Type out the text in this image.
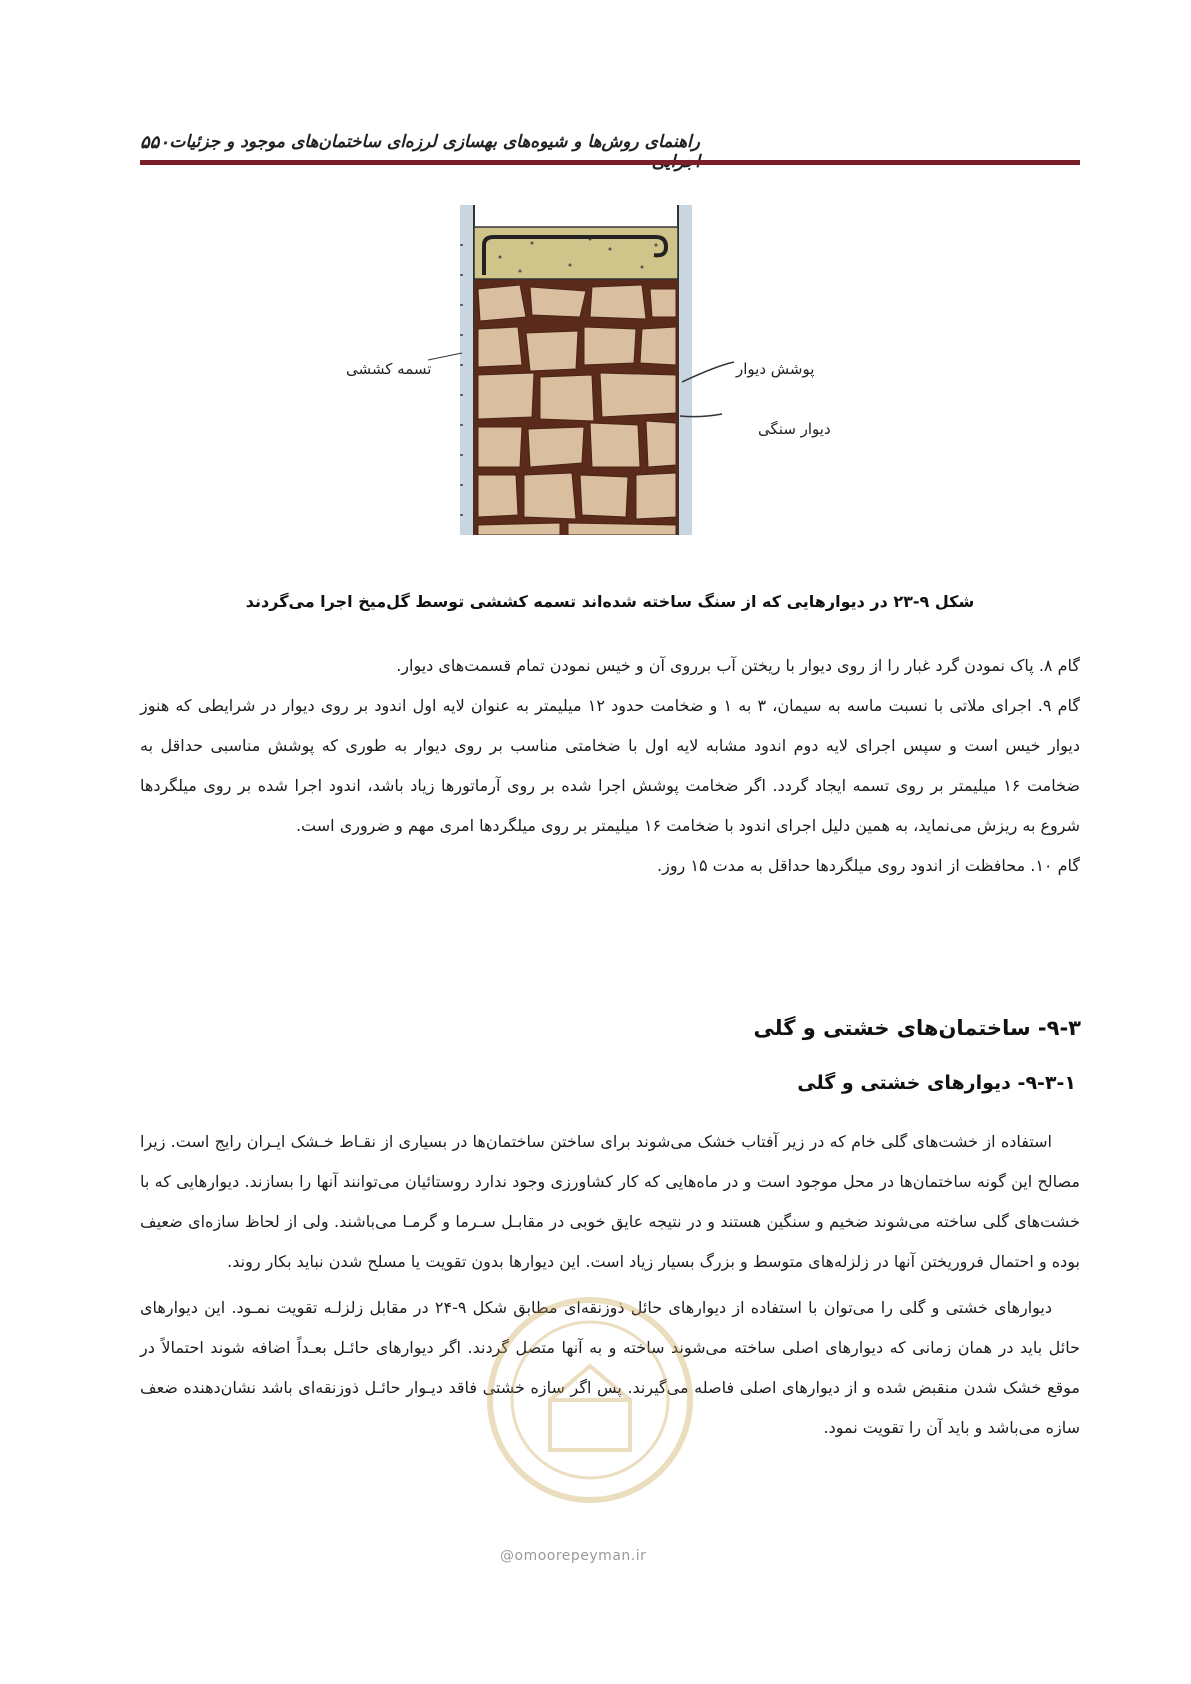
راهنمای روش‌ها و شیوه‌های بهسازی لرزه‌ای ساختمان‌های موجود و جزئیات
۵۵۰
تسمه کششی	پوشش دیوار
دیوار سنگی
شکل ۹-۲۳ در دیوارهایی که از سنگ ساخته شده‌اند تسمه کششی توسط گل‌میخ اجرا می‌گردند

گام ۸. پاک نمودن گرد غبار را از روی دیوار با ریختن آب برروی آن و خیس نمودن تمام قسمت‌های دیوار.

گام ۹. اجرای ملاتی با نسبت ماسه به سیمان، ۳ به ۱ و ضخامت حدود ۱۲ میلیمتر به عنوان لایه اول اندود بر روی دیوار در شرایطی که هنوز دیوار خیس است و سپس اجرای لایه دوم اندود مشابه لایه اول با ضخامتی مناسب بر روی دیوار به طوری که پوشش مناسبی حداقل به ضخامت ۱۶ میلیمتر بر روی تسمه ایجاد گردد. اگر ضخامت پوشش اجرا شده بر روی آرماتورها زیاد باشد، اندود اجرا شده بر روی میلگردها شروع به ریزش می‌نماید، به همین دلیل اجرای اندود با ضخامت ۱۶ میلیمتر بر روی میلگردها امری مهم و ضروری است.

گام ۱۰. محافظت از اندود روی میلگردها حداقل به مدت ۱۵ روز.

۹-۳- ساختمان‌های خشتی و گلی
۹-۳-۱- دیوارهای خشتی و گلی

استفاده از خشت‌های گلی خام که در زیر آفتاب خشک می‌شوند برای ساختن ساختمان‌ها در بسیاری از نقـاط خـشک ایـران رایج است. زیرا مصالح این گونه ساختمان‌ها در محل موجود است و در ماه‌هایی که کار کشاورزی وجود ندارد روستائیان می‌توانند آنها را بسازند. دیوارهایی که با خشت‌های گلی ساخته می‌شوند ضخیم و سنگین هستند و در نتیجه عایق خوبی در مقابـل سـرما و گرمـا می‌باشند. ولی از لحاظ سازه‌ای ضعیف بوده و احتمال فروریختن آنها در زلزله‌های متوسط و بزرگ بسیار زیاد است. این دیوارها بدون تقویت یا مسلح شدن نباید بکار روند.

دیوارهای خشتی و گلی را می‌توان با استفاده از دیوارهای حائل ذوزنقه‌ای مطابق شکل ۹-۲۴ در مقابل زلزلـه تقویت نمـود. این دیوارهای حائل باید در همان زمانی که دیوارهای اصلی ساخته می‌شوند ساخته و به آنها متصل گردند. اگر دیوارهای حائـل بعـداً اضافه شوند احتمالاً در موقع خشک شدن منقبض شده و از دیوارهای اصلی فاصله می‌گیرند. پس اگر سازه خشتی فاقد دیـوار حائـل ذوزنقه‌ای باشد نشان‌دهنده ضعف سازه می‌باشد و باید آن را تقویت نمود.

@omoorepeyman.ir
